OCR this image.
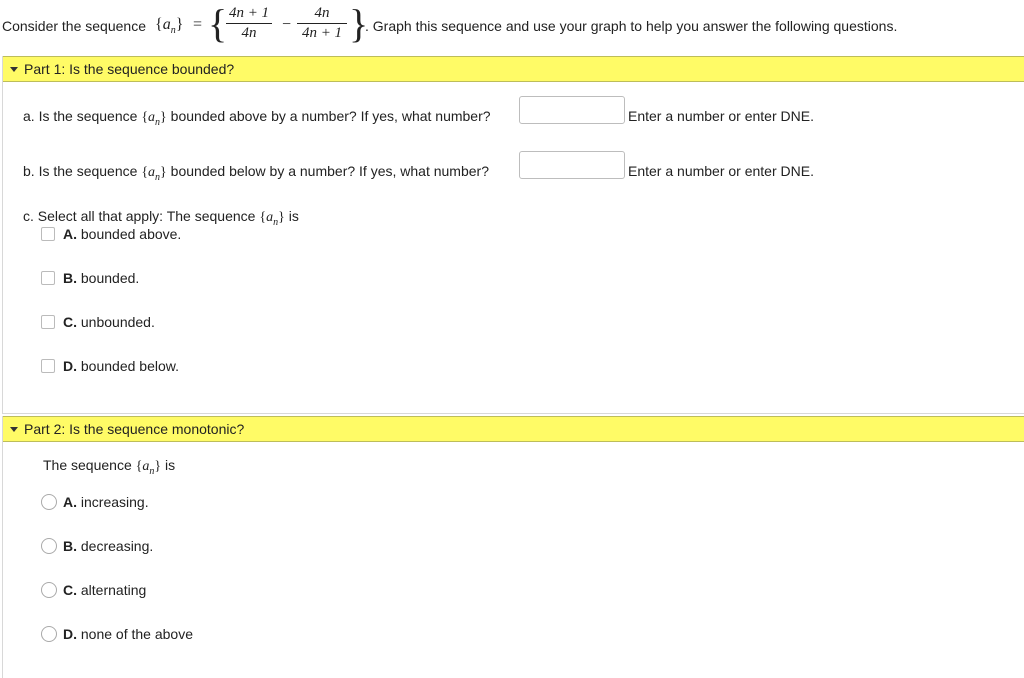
Consider the sequence $\{a_n\}$ = { 4n + 1
4n	−
4n
4n + 1 }
. Graph this sequence and use your graph to help you answer the following questions.
Part 1: Is the sequence bounded?
a. Is the sequence $\{a_n\}$ bounded above by a number? If yes, what number?	Enter a number or enter DNE.
b. Is the sequence $\{a_n\}$ bounded below by a number? If yes, what number?	Enter a number or enter DNE.
c. Select all that apply: The sequence $\{a_n\}$ is
A. bounded above.
B. bounded.
C. unbounded.
D. bounded below.
Part 2: Is the sequence monotonic?
The sequence $\{a_n\}$ is
A. increasing.
B. decreasing.
C. alternating
D. none of the above
